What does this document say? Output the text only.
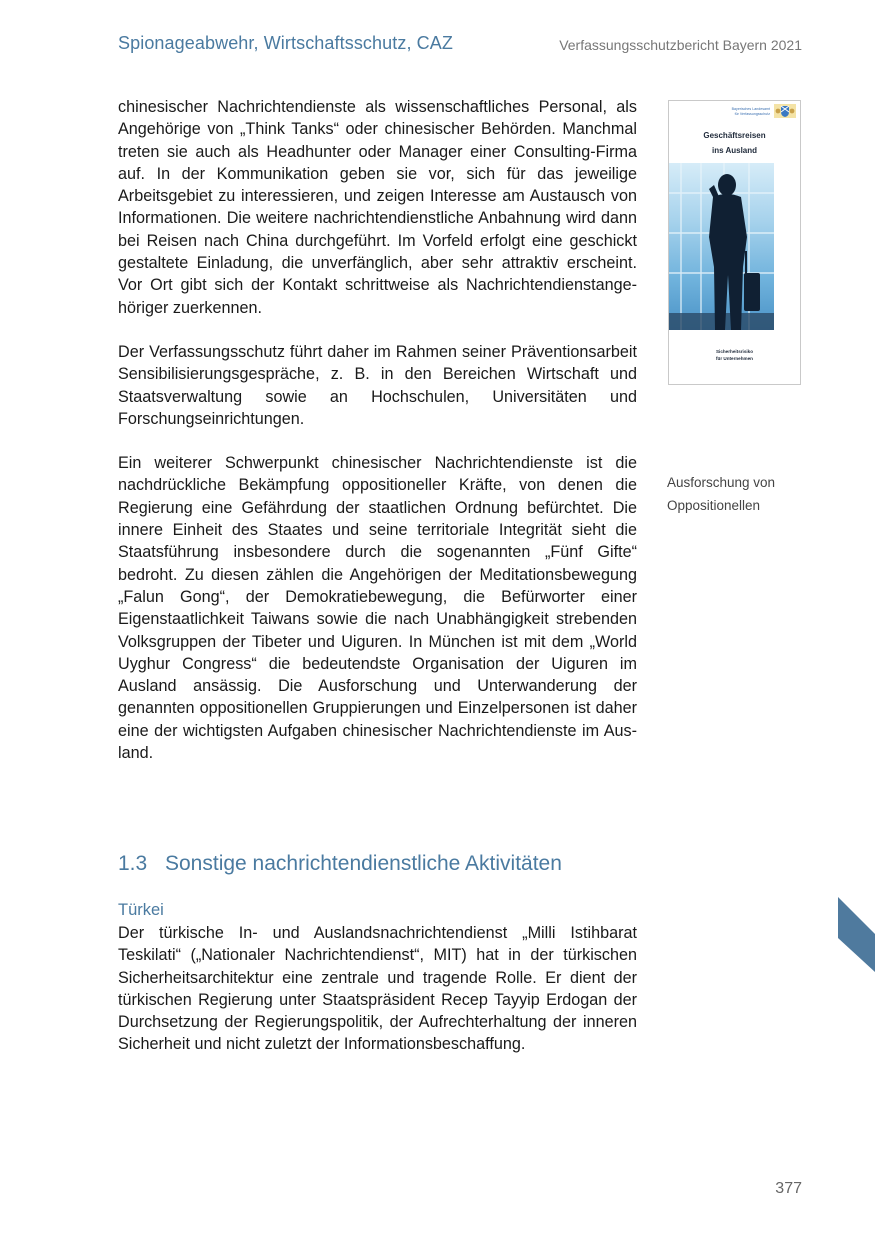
Spionageabwehr, Wirtschaftsschutz, CAZ	Verfassungsschutzbericht Bayern 2021

chinesischer Nachrichtendienste als wissenschaftliches Personal, als Angehörige von „Think Tanks“ oder chinesischer Behörden. Manchmal treten sie auch als Headhunter oder Manager einer Consulting-Firma auf. In der Kommunikation geben sie vor, sich für das jeweilige Arbeitsgebiet zu interessieren, und zeigen Interesse am Austausch von Informationen. Die weitere nachrichtendienstliche Anbahnung wird dann bei Reisen nach China durchgeführt. Im Vorfeld erfolgt eine geschickt gestaltete Einladung, die unverfänglich, aber sehr attraktiv erscheint. Vor Ort gibt sich der Kontakt schrittweise als Nachrichtendienstangehöriger zuerkennen.

Der Verfassungsschutz führt daher im Rahmen seiner Präventionsarbeit Sensibilisierungsgespräche, z. B. in den Bereichen Wirtschaft und Staatsverwaltung sowie an Hochschulen, Universitäten und Forschungseinrichtungen.

Ein weiterer Schwerpunkt chinesischer Nachrichtendienste ist die nachdrückliche Bekämpfung oppositioneller Kräfte, von denen die Regierung eine Gefährdung der staatlichen Ordnung befürchtet. Die innere Einheit des Staates und seine territoriale Integrität sieht die Staatsführung insbesondere durch die sogenannten „Fünf Gifte“ bedroht. Zu diesen zählen die Angehörigen der Meditationsbewegung „Falun Gong“, der Demokratiebewegung, die Befürworter einer Eigenstaatlichkeit Taiwans sowie die nach Unabhängigkeit strebenden Volksgruppen der Tibeter und Uiguren. In München ist mit dem „World Uyghur Congress“ die bedeutendste Organisation der Uiguren im Ausland ansässig. Die Ausforschung und Unterwanderung der genannten oppositionellen Gruppierungen und Einzelpersonen ist daher eine der wichtigsten Aufgaben chinesischer Nachrichtendienste im Ausland.

Bayerisches Landesamt
für Verfassungsschutz
Geschäftsreisen
ins Ausland
Sicherheitsrisiko
für Unternehmen
Ausforschung von
Oppositionellen
1.3 Sonstige nachrichtendienstliche Aktivitäten
Türkei

Der türkische In- und Auslandsnachrichtendienst „Milli Istihbarat Teskilati“ („Nationaler Nachrichtendienst“, MIT) hat in der türkischen Sicherheitsarchitektur eine zentrale und tragende Rolle. Er dient der türkischen Regierung unter Staatspräsident Recep Tayyip Erdogan der Durchsetzung der Regierungspolitik, der Aufrechterhaltung der inneren Sicherheit und nicht zuletzt der Informationsbeschaffung.

377
